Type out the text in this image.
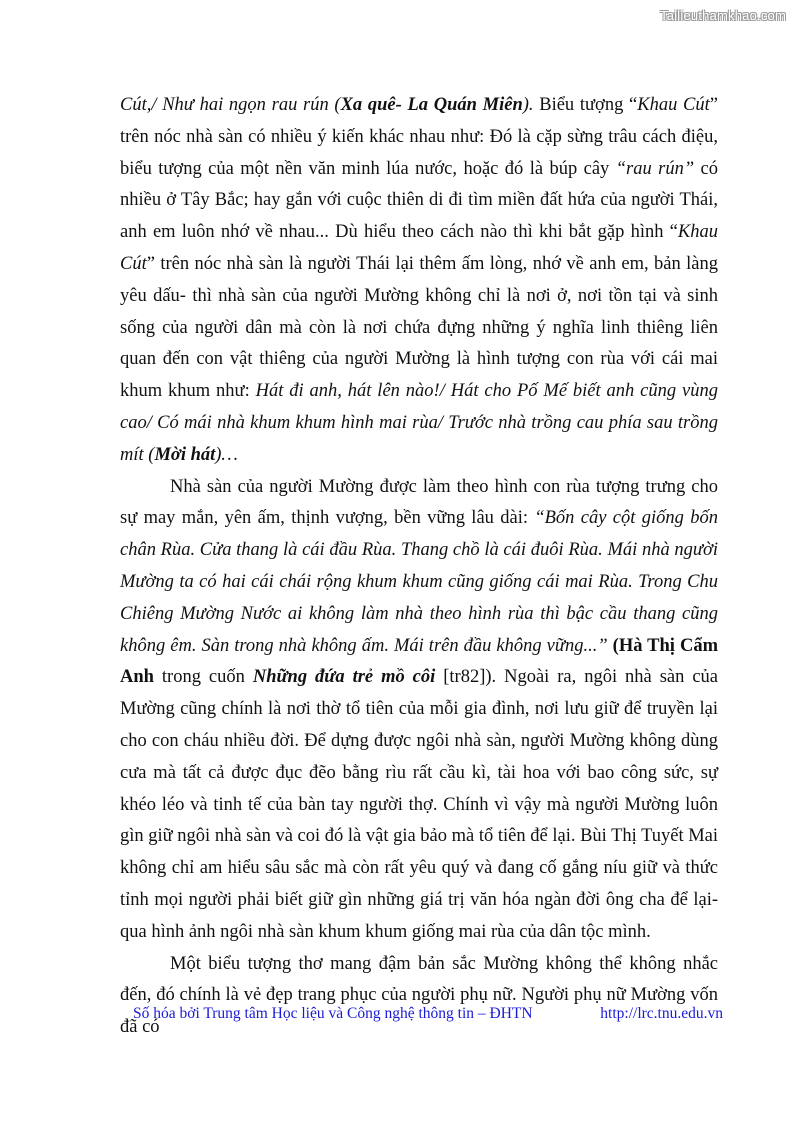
Tailieuthamkhao.com

Cút,/ Như hai ngọn rau rún (Xa quê- La Quán Miên). Biểu tượng “Khau Cút” trên nóc nhà sàn có nhiều ý kiến khác nhau như: Đó là cặp sừng trâu cách điệu, biểu tượng của một nền văn minh lúa nước, hoặc đó là búp cây “rau rún” có nhiều ở Tây Bắc; hay gắn với cuộc thiên di đi tìm miền đất hứa của người Thái, anh em luôn nhớ về nhau... Dù hiểu theo cách nào thì khi bắt gặp hình “Khau Cút” trên nóc nhà sàn là người Thái lại thêm ấm lòng, nhớ về anh em, bản làng yêu dấu- thì nhà sàn của người Mường không chỉ là nơi ở, nơi tồn tại và sinh sống của người dân mà còn là nơi chứa đựng những ý nghĩa linh thiêng liên quan đến con vật thiêng của người Mường là hình tượng con rùa với cái mai khum khum như: Hát đi anh, hát lên nào!/ Hát cho Pố Mế biết anh cũng vùng cao/ Có mái nhà khum khum hình mai rùa/ Trước nhà trồng cau phía sau trồng mít (Mời hát)…

Nhà sàn của người Mường được làm theo hình con rùa tượng trưng cho sự may mắn, yên ấm, thịnh vượng, bền vững lâu dài: “Bốn cây cột giống bốn chân Rùa. Cửa thang là cái đầu Rùa. Thang chồ là cái đuôi Rùa. Mái nhà người Mường ta có hai cái chái rộng khum khum cũng giống cái mai Rùa. Trong Chu Chiêng Mường Nước ai không làm nhà theo hình rùa thì bậc cầu thang cũng không êm. Sàn trong nhà không ấm. Mái trên đầu không vững...” (Hà Thị Cẩm Anh trong cuốn Những đứa trẻ mồ côi [tr82]). Ngoài ra, ngôi nhà sàn của Mường cũng chính là nơi thờ tổ tiên của mỗi gia đình, nơi lưu giữ để truyền lại cho con cháu nhiều đời. Để dựng được ngôi nhà sàn, người Mường không dùng cưa mà tất cả được đục đẽo bằng rìu rất cầu kì, tài hoa với bao công sức, sự khéo léo và tinh tế của bàn tay người thợ. Chính vì vậy mà người Mường luôn gìn giữ ngôi nhà sàn và coi đó là vật gia bảo mà tổ tiên để lại. Bùi Thị Tuyết Mai không chỉ am hiểu sâu sắc mà còn rất yêu quý và đang cố gắng níu giữ và thức tỉnh mọi người phải biết giữ gìn những giá trị văn hóa ngàn đời ông cha để lại- qua hình ảnh ngôi nhà sàn khum khum giống mai rùa của dân tộc mình.

Một biểu tượng thơ mang đậm bản sắc Mường không thể không nhắc đến, đó chính là vẻ đẹp trang phục của người phụ nữ. Người phụ nữ Mường vốn đã có

Số hóa bởi Trung tâm Học liệu và Công nghệ thông tin – ĐHTN	http://lrc.tnu.edu.vn
